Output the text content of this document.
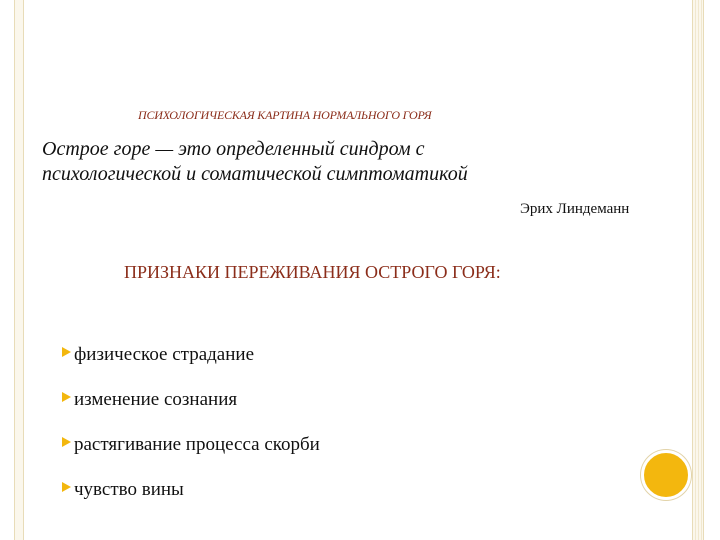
ПСИХОЛОГИЧЕСКАЯ КАРТИНА НОРМАЛЬНОГО ГОРЯ
Острое горе — это определенный синдром с
психологической и соматической симптоматикой
Эрих Линдеманн
ПРИЗНАКИ ПЕРЕЖИВАНИЯ ОСТРОГО ГОРЯ:
физическое страдание
изменение сознания
растягивание процесса скорби
чувство вины
